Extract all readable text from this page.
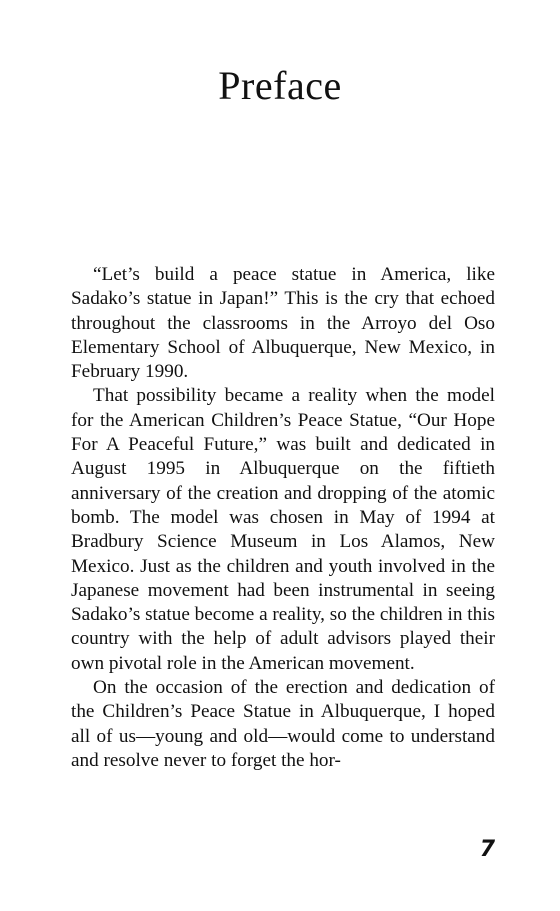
Preface

“Let’s build a peace statue in America, like Sadako’s statue in Japan!” This is the cry that echoed throughout the classrooms in the Arroyo del Oso Elementary School of Albuquerque, New Mexico, in February 1990.

That possibility became a reality when the model for the American Children’s Peace Statue, “Our Hope For A Peaceful Future,” was built and dedicated in August 1995 in Albuquerque on the fiftieth anniversary of the creation and dropping of the atomic bomb. The model was chosen in May of 1994 at Bradbury Science Museum in Los Alamos, New Mexico. Just as the children and youth involved in the Japanese movement had been instrumental in seeing Sadako’s statue become a reality, so the children in this country with the help of adult advisors played their own pivotal role in the American movement.

On the occasion of the erection and dedication of the Children’s Peace Statue in Albuquerque, I hoped all of us—young and old—would come to understand and resolve never to forget the hor-

7
